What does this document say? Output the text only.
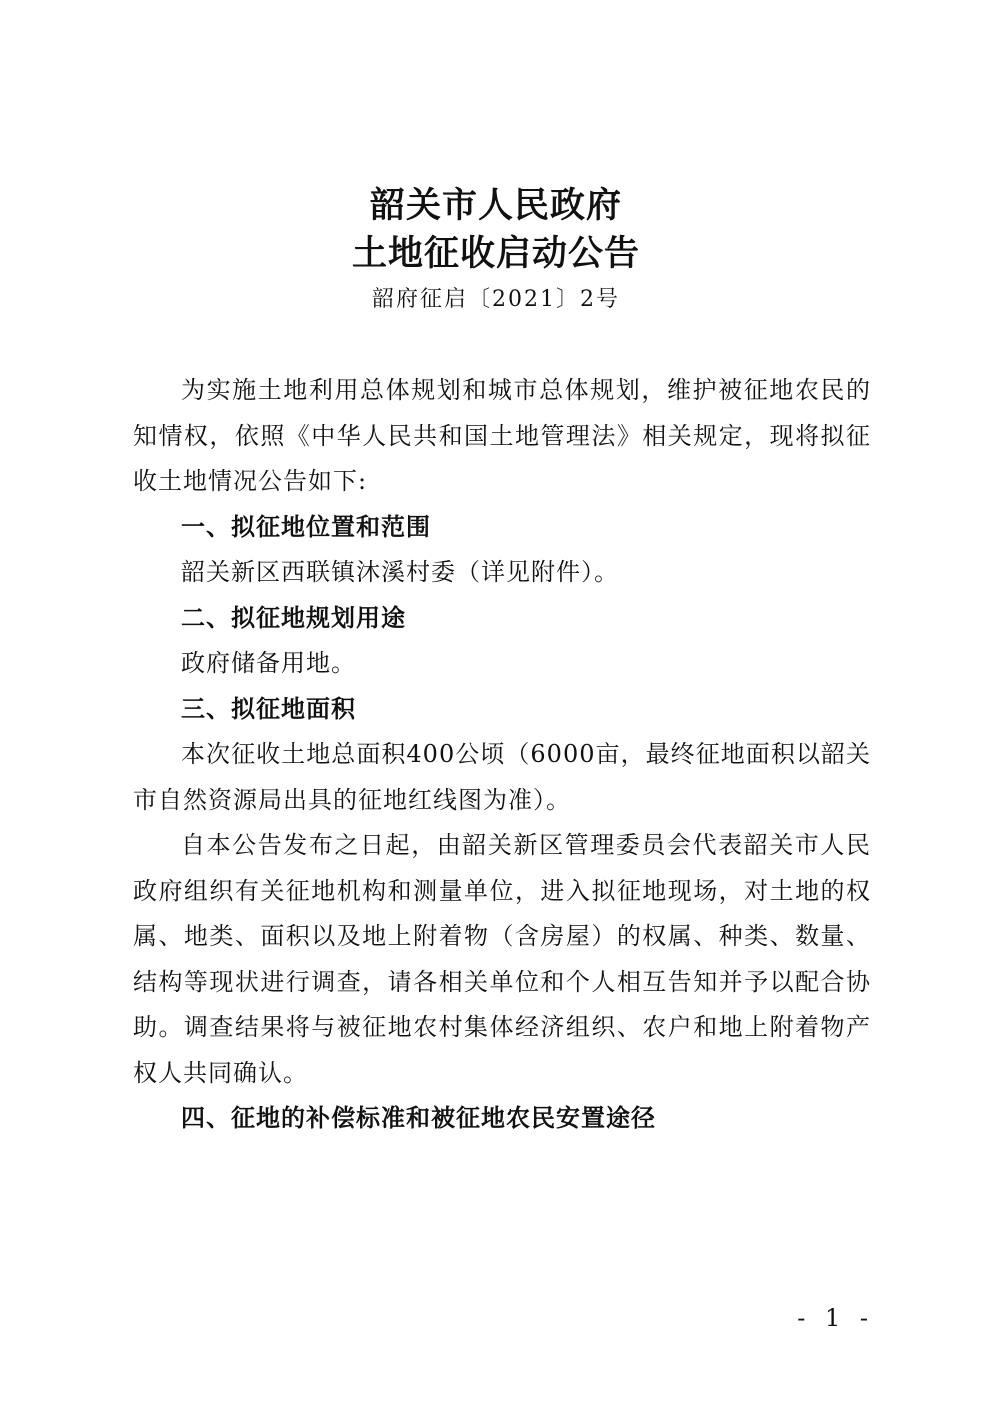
韶关市人民政府
土地征收启动公告
韶府征启〔2021〕2号

为实施土地利用总体规划和城市总体规划，维护被征地农民的知情权，依照《中华人民共和国土地管理法》相关规定，现将拟征收土地情况公告如下:

一、拟征地位置和范围

韶关新区西联镇沐溪村委（详见附件）。

二、拟征地规划用途

政府储备用地。

三、拟征地面积

本次征收土地总面积400公顷（6000亩，最终征地面积以韶关市自然资源局出具的征地红线图为准）。

自本公告发布之日起，由韶关新区管理委员会代表韶关市人民政府组织有关征地机构和测量单位，进入拟征地现场，对土地的权属、地类、面积以及地上附着物（含房屋）的权属、种类、数量、结构等现状进行调查，请各相关单位和个人相互告知并予以配合协助。调查结果将与被征地农村集体经济组织、农户和地上附着物产权人共同确认。

四、征地的补偿标准和被征地农民安置途径

- 1 -
